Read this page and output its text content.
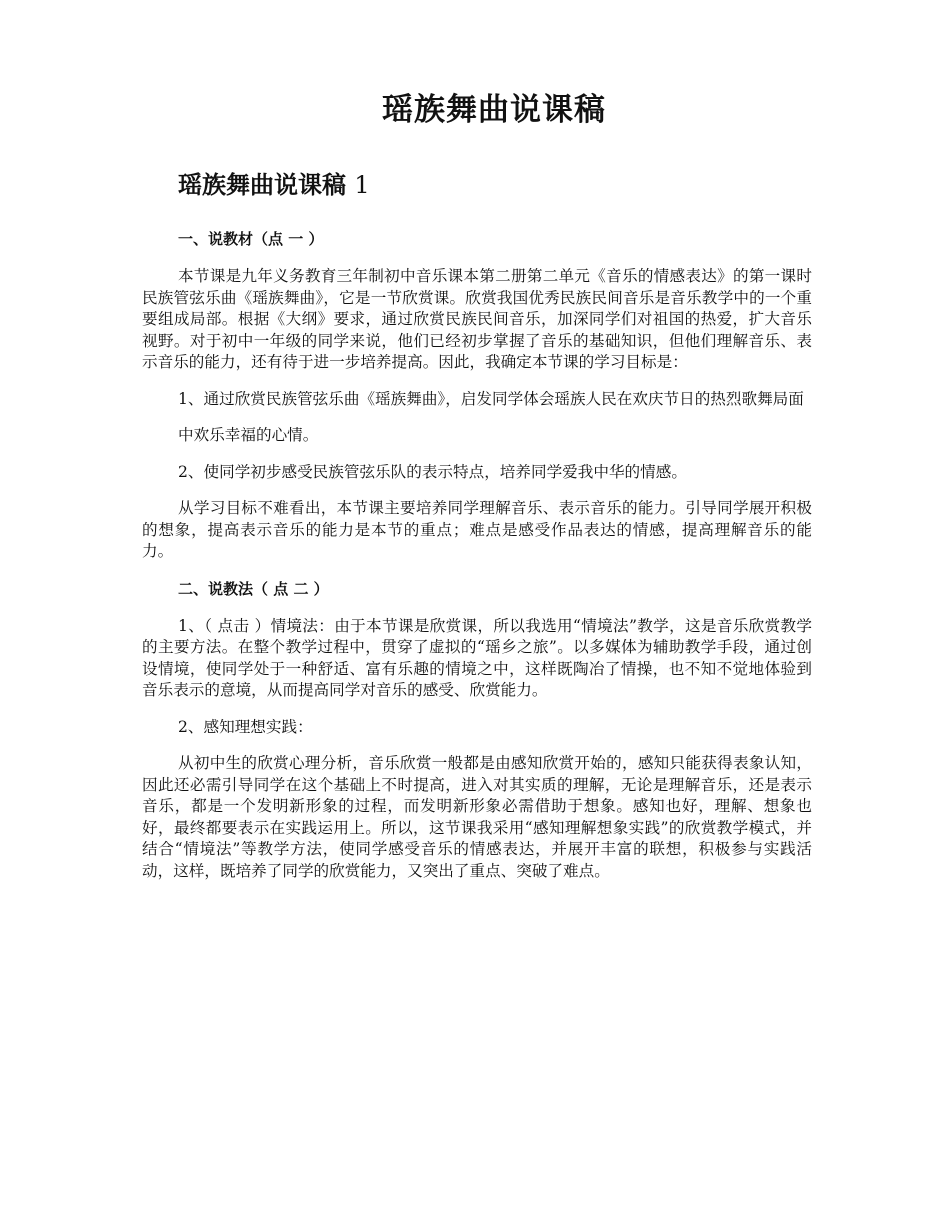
瑶族舞曲说课稿
瑶族舞曲说课稿 1

一、说教材（点 一 ）

本节课是九年义务教育三年制初中音乐课本第二册第二单元《音乐的情感表达》的第一课时民族管弦乐曲《瑶族舞曲》，它是一节欣赏课。欣赏我国优秀民族民间音乐是音乐教学中的一个重要组成局部。根据《大纲》要求，通过欣赏民族民间音乐，加深同学们对祖国的热爱，扩大音乐视野。对于初中一年级的同学来说，他们已经初步掌握了音乐的基础知识，但他们理解音乐、表示音乐的能力，还有待于进一步培养提高。因此，我确定本节课的学习目标是：

1、通过欣赏民族管弦乐曲《瑶族舞曲》，启发同学体会瑶族人民在欢庆节日的热烈歌舞局面

中欢乐幸福的心情。

2、使同学初步感受民族管弦乐队的表示特点，培养同学爱我中华的情感。

从学习目标不难看出，本节课主要培养同学理解音乐、表示音乐的能力。引导同学展开积极的想象，提高表示音乐的能力是本节的重点；难点是感受作品表达的情感，提高理解音乐的能力。

二、说教法（ 点 二 ）

1、（ 点击 ）情境法：由于本节课是欣赏课，所以我选用“情境法”教学，这是音乐欣赏教学的主要方法。在整个教学过程中，贯穿了虚拟的“瑶乡之旅”。以多媒体为辅助教学手段，通过创设情境，使同学处于一种舒适、富有乐趣的情境之中，这样既陶冶了情操，也不知不觉地体验到音乐表示的意境，从而提高同学对音乐的感受、欣赏能力。

2、感知理想实践：

从初中生的欣赏心理分析，音乐欣赏一般都是由感知欣赏开始的，感知只能获得表象认知，因此还必需引导同学在这个基础上不时提高，进入对其实质的理解，无论是理解音乐，还是表示音乐，都是一个发明新形象的过程，而发明新形象必需借助于想象。感知也好，理解、想象也好，最终都要表示在实践运用上。所以，这节课我采用“感知理解想象实践”的欣赏教学模式，并结合“情境法”等教学方法，使同学感受音乐的情感表达，并展开丰富的联想，积极参与实践活动，这样，既培养了同学的欣赏能力，又突出了重点、突破了难点。
